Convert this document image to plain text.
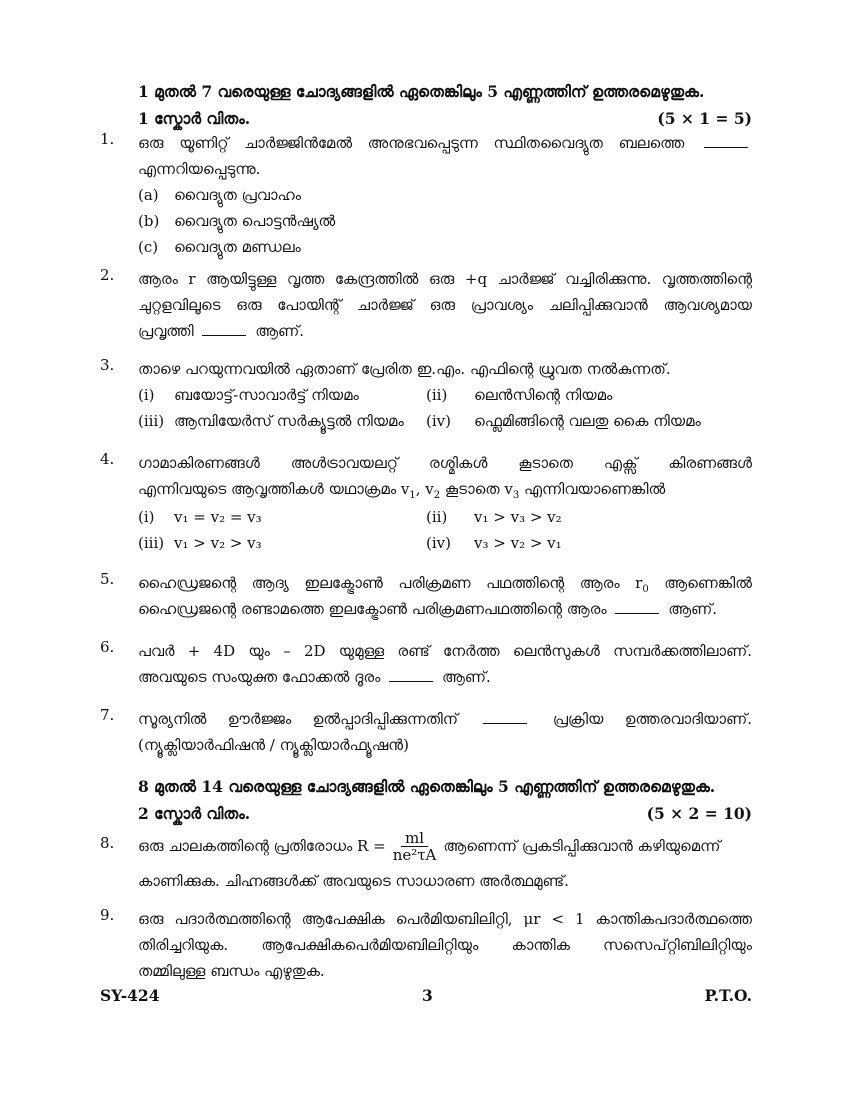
1 മുതൽ 7 വരെയുള്ള ചോദ്യങ്ങളിൽ ഏതെങ്കിലും 5 എണ്ണത്തിന് ഉത്തരമെഴുതുക.
1 സ്കോർ വിതം.	(5 × 1 = 5)
1.	ഒരു യൂണിറ്റ് ചാർജ്ജിൻമേൽ അനുഭവപ്പെടുന്ന സ്ഥിതവൈദ്യുത ബലത്തെ
എന്നറിയപ്പെടുന്നു.
(a)	വൈദ്യുത പ്രവാഹം
(b) വൈദ്യുത പൊട്ടൻഷ്യൽ
(c)	വൈദ്യുത മണ്ഡലം
2.	ആരം r ആയിട്ടുള്ള വൃത്ത കേന്ദ്രത്തിൽ ഒരു +q ചാർജ്ജ് വച്ചിരിക്കുന്നു. വൃത്തത്തിന്റെ
ചുറ്റളവിലൂടെ ഒരു പോയിന്റ് ചാർജ്ജ് ഒരു പ്രാവശ്യം ചലിപ്പിക്കുവാൻ ആവശ്യമായ
പ്രവൃത്തി	ആണ്.
3.	താഴെ പറയുന്നവയിൽ ഏതാണ് പ്രേരിത ഇ.എം. എഫിന്റെ ധ്രുവത നൽകുന്നത്.
(i)	ബയോട്ട്-സാവാർട്ട് നിയമം	(ii)	ലെൻസിന്റെ നിയമം
(iii) ആമ്പിയേർസ് സർക്യൂട്ടൽ നിയമം (iv)	ഫ്ലെമിങ്ങിന്റെ വലതു കൈ നിയമം
4.	ഗാമാകിരണങ്ങൾ അൾട്രാവയലറ്റ് രശ്മികൾ കൂടാതെ എക്സ് കിരണങ്ങൾ
എന്നിവയുടെ ആവൃത്തികൾ യഥാക്രമം $v_1$, $v_2$ കൂടാതെ $v_3$ എന്നിവയാണെങ്കിൽ
(i)	v₁ = v₂ = v₃	(ii)	v₁ > v₃ > v₂
(iii) v₁ > v₂ > v₃	(iv)	v₃ > v₂ > v₁
5.	ഹൈഡ്രജന്റെ ആദ്യ ഇലക്ട്രോൺ പരിക്രമണ പഥത്തിന്റെ ആരം $r_0$ ആണെങ്കിൽ
ഹൈഡ്രജന്റെ രണ്ടാമത്തെ ഇലക്ട്രോൺ പരിക്രമണപഥത്തിന്റെ ആരം	ആണ്.
6.	പവർ + 4D യും – 2D യുമുള്ള രണ്ട് നേർത്ത ലെൻസുകൾ സമ്പർക്കത്തിലാണ്.
അവയുടെ സംയുക്ത ഫോക്കൽ ദൂരം	ആണ്.
7.	സൂര്യനിൽ ഊർജ്ജം ഉൽപ്പാദിപ്പിക്കുന്നതിന്	പ്രക്രിയ ഉത്തരവാദിയാണ്.
(ന്യൂക്ലിയാർഫിഷൻ / ന്യൂക്ലിയാർഫ്യൂഷൻ)
8 മുതൽ 14 വരെയുള്ള ചോദ്യങ്ങളിൽ ഏതെങ്കിലും 5 എണ്ണത്തിന് ഉത്തരമെഴുതുക.
2 സ്കോർ വിതം.	(5 × 2 = 10)
8.	ഒരു ചാലകത്തിന്റെ പ്രതിരോധം $R = \frac{ml}{\text{ne²τA}}$ ആണെന്ന് പ്രകടിപ്പിക്കുവാൻ കഴിയുമെന്ന്
കാണിക്കുക. ചിഹ്നങ്ങൾക്ക് അവയുടെ സാധാരണ അർത്ഥമുണ്ട്.
9.	ഒരു പദാർത്ഥത്തിന്റെ ആപേക്ഷിക പെർമിയബിലിറ്റി, μr < 1 കാന്തികപദാർത്ഥത്തെ
തിരിച്ചറിയുക. ആപേക്ഷികപെർമിയബിലിറ്റിയും കാന്തിക സസെപ്റ്റിബിലിറ്റിയും
തമ്മിലുള്ള ബന്ധം എഴുതുക.
SY-424	3	P.T.O.
